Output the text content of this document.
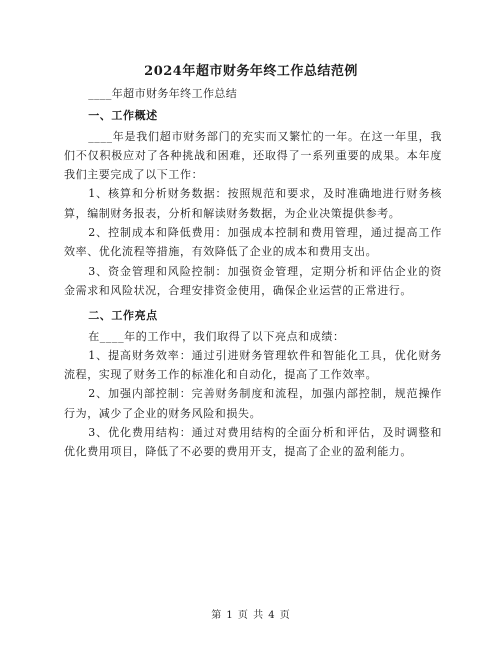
2024年超市财务年终工作总结范例

____年超市财务年终工作总结

一、工作概述

____年是我们超市财务部门的充实而又繁忙的一年。在这一年里，我们不仅积极应对了各种挑战和困难，还取得了一系列重要的成果。本年度我们主要完成了以下工作：

1、核算和分析财务数据：按照规范和要求，及时准确地进行财务核算，编制财务报表，分析和解读财务数据，为企业决策提供参考。

2、控制成本和降低费用：加强成本控制和费用管理，通过提高工作效率、优化流程等措施，有效降低了企业的成本和费用支出。

3、资金管理和风险控制：加强资金管理，定期分析和评估企业的资金需求和风险状况，合理安排资金使用，确保企业运营的正常进行。

二、工作亮点

在____年的工作中，我们取得了以下亮点和成绩：

1、提高财务效率：通过引进财务管理软件和智能化工具，优化财务流程，实现了财务工作的标准化和自动化，提高了工作效率。

2、加强内部控制：完善财务制度和流程，加强内部控制，规范操作行为，减少了企业的财务风险和损失。

3、优化费用结构：通过对费用结构的全面分析和评估，及时调整和优化费用项目，降低了不必要的费用开支，提高了企业的盈利能力。

第 1 页 共 4 页
